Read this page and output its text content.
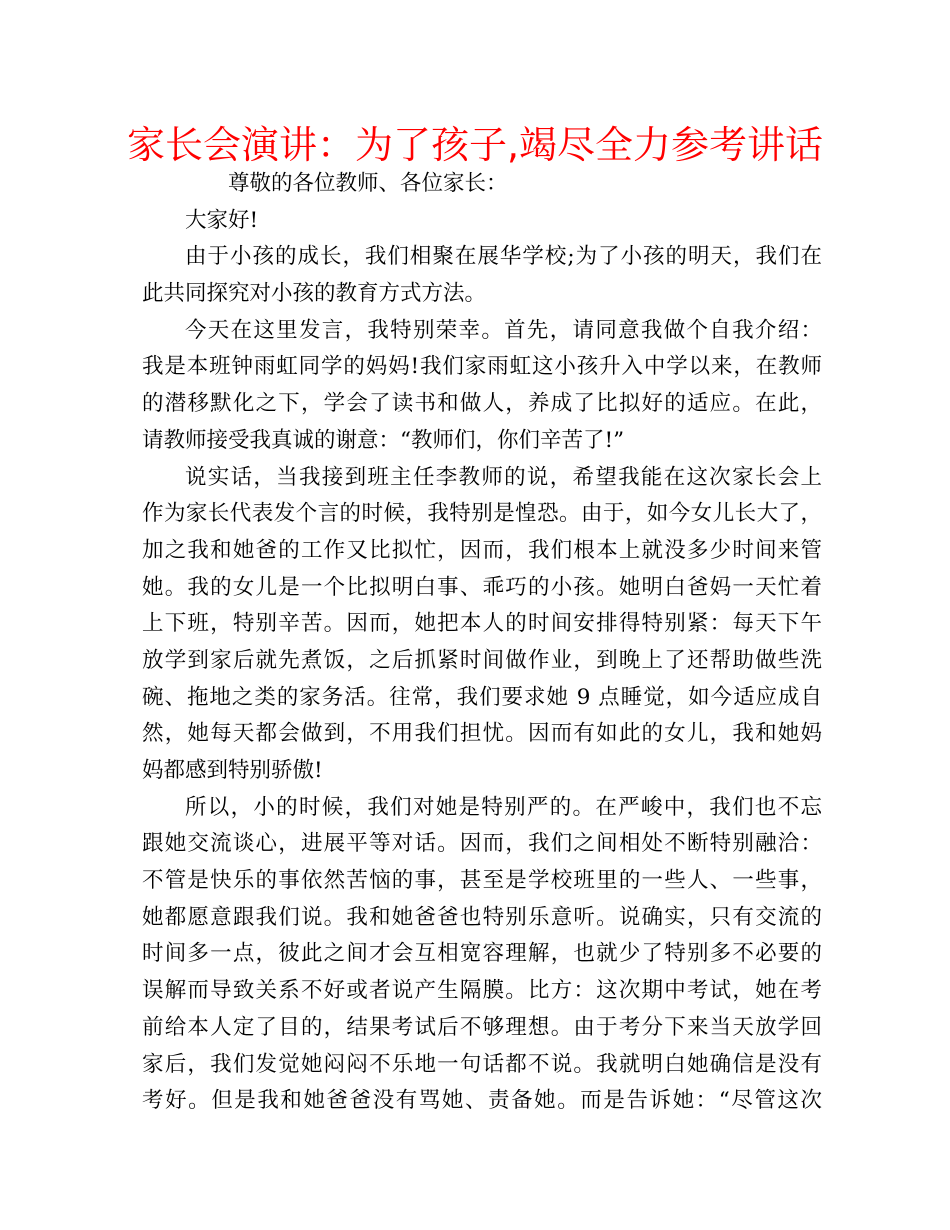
家长会演讲：为了孩子,竭尽全力参考讲话
尊敬的各位教师、各位家长：
大家好!
由于小孩的成长，我们相聚在展华学校;为了小孩的明天，我们在
此共同探究对小孩的教育方式方法。
今天在这里发言，我特别荣幸。首先，请同意我做个自我介绍：
我是本班钟雨虹同学的妈妈!我们家雨虹这小孩升入中学以来，在教师
的潜移默化之下，学会了读书和做人，养成了比拟好的适应。在此，
请教师接受我真诚的谢意：“教师们，你们辛苦了!”
说实话，当我接到班主任李教师的说，希望我能在这次家长会上
作为家长代表发个言的时候，我特别是惶恐。由于，如今女儿长大了，
加之我和她爸的工作又比拟忙，因而，我们根本上就没多少时间来管
她。我的女儿是一个比拟明白事、乖巧的小孩。她明白爸妈一天忙着
上下班，特别辛苦。因而，她把本人的时间安排得特别紧：每天下午
放学到家后就先煮饭，之后抓紧时间做作业，到晚上了还帮助做些洗
碗、拖地之类的家务活。往常，我们要求她 9 点睡觉，如今适应成自
然，她每天都会做到，不用我们担忧。因而有如此的女儿，我和她妈
妈都感到特别骄傲!
所以，小的时候，我们对她是特别严的。在严峻中，我们也不忘
跟她交流谈心，进展平等对话。因而，我们之间相处不断特别融洽：
不管是快乐的事依然苦恼的事，甚至是学校班里的一些人、一些事，
她都愿意跟我们说。我和她爸爸也特别乐意听。说确实，只有交流的
时间多一点，彼此之间才会互相宽容理解，也就少了特别多不必要的
误解而导致关系不好或者说产生隔膜。比方：这次期中考试，她在考
前给本人定了目的，结果考试后不够理想。由于考分下来当天放学回
家后，我们发觉她闷闷不乐地一句话都不说。我就明白她确信是没有
考好。但是我和她爸爸没有骂她、责备她。而是告诉她：“尽管这次
